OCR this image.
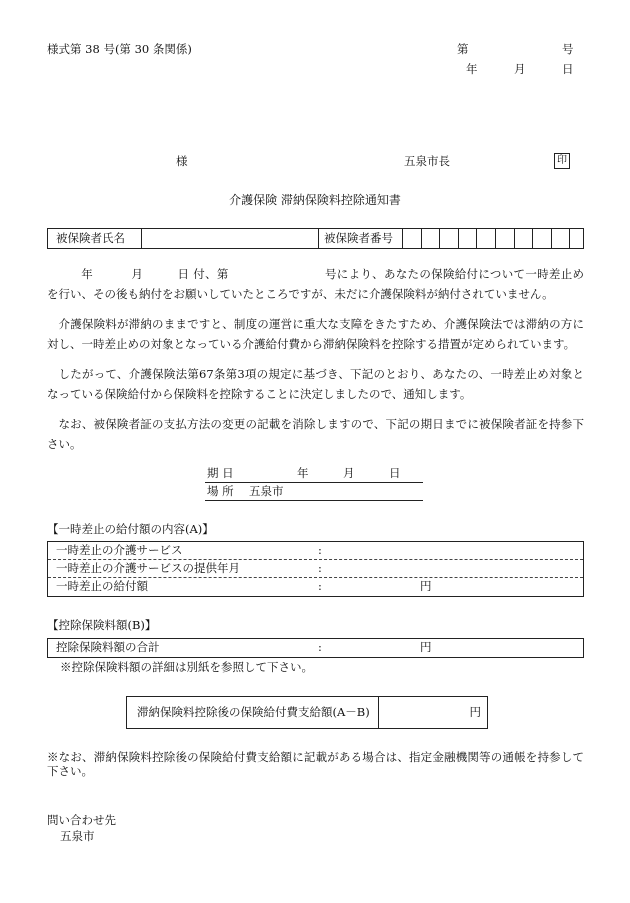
様式第 38 号(第 30 条関係)	第	号
年	月	日
様	五泉市長	印
介護保険 滞納保険料控除通知書
被保険者氏名	被保険者番号
年	月	日 付、第	号により、あなたの保険給付について一時差止めを行い、その後も納付をお願いしていたところですが、未だに介護保険料が納付されていません。
介護保険料が滞納のままですと、制度の運営に重大な支障をきたすため、介護保険法では滞納の方に対し、一時差止めの対象となっている介護給付費から滞納保険料を控除する措置が定められています。
したがって、介護保険法第67条第3項の規定に基づき、下記のとおり、あなたの、一時差止め対象となっている保険給付から保険料を控除することに決定しましたので、通知します。
なお、被保険者証の支払方法の変更の記載を消除しますので、下記の期日までに被保険者証を持参下さい。
期 日	年	月	日
場 所 五泉市
【一時差止の給付額の内容(A)】
一時差止の介護サービス	:
一時差止の介護サービスの提供年月	:
一時差止の給付額	:	円
【控除保険料額(B)】
控除保険料額の合計	:	円
※控除保険料額の詳細は別紙を参照して下さい。
滞納保険料控除後の保険給付費支給額(A－B)	円
※なお、滞納保険料控除後の保険給付費支給額に記載がある場合は、指定金融機関等の通帳を持参して下さい。
問い合わせ先
五泉市
